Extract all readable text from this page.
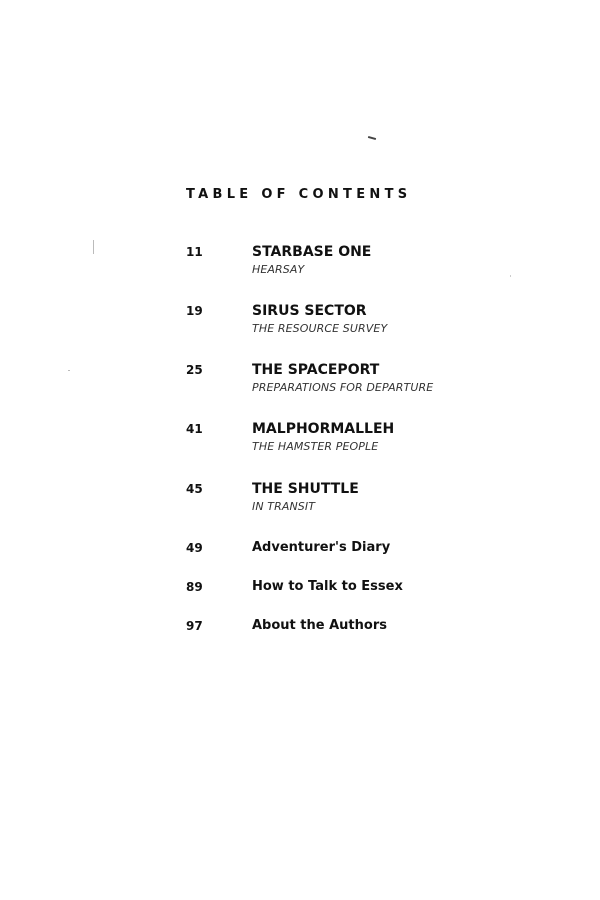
TABLE OF CONTENTS
11	STARBASE ONE
HEARSAY
19	SIRUS SECTOR
THE RESOURCE SURVEY
25	THE SPACEPORT
PREPARATIONS FOR DEPARTURE
41	MALPHORMALLEH
THE HAMSTER PEOPLE
45	THE SHUTTLE
IN TRANSIT
49	Adventurer's Diary
89	How to Talk to Essex
97	About the Authors
